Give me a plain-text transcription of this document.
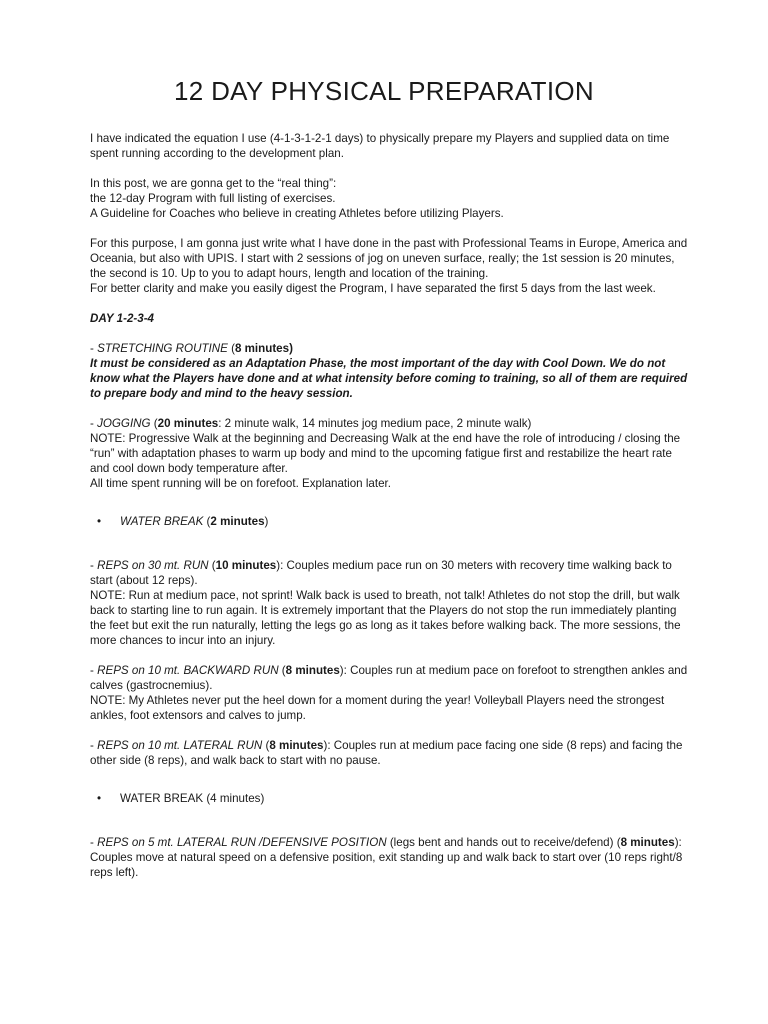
12 DAY PHYSICAL PREPARATION

I have indicated the equation I use (4-1-3-1-2-1 days) to physically prepare my Players and supplied data on time spent running according to the development plan.

In this post, we are gonna get to the “real thing”:

the 12-day Program with full listing of exercises.

A Guideline for Coaches who believe in creating Athletes before utilizing Players.

For this purpose, I am gonna just write what I have done in the past with Professional Teams in Europe, America and Oceania, but also with UPIS. I start with 2 sessions of jog on uneven surface, really; the 1st session is 20 minutes, the second is 10. Up to you to adapt hours, length and location of the training.

For better clarity and make you easily digest the Program, I have separated the first 5 days from the last week.

DAY 1-2-3-4

- STRETCHING ROUTINE (8 minutes)

It must be considered as an Adaptation Phase, the most important of the day with Cool Down. We do not know what the Players have done and at what intensity before coming to training, so all of them are required to prepare body and mind to the heavy session.

- JOGGING (20 minutes: 2 minute walk, 14 minutes jog medium pace, 2 minute walk)

NOTE: Progressive Walk at the beginning and Decreasing Walk at the end have the role of introducing / closing the “run” with adaptation phases to warm up body and mind to the upcoming fatigue first and restabilize the heart rate and cool down body temperature after.

All time spent running will be on forefoot. Explanation later.

• WATER BREAK (2 minutes)

- REPS on 30 mt. RUN (10 minutes): Couples medium pace run on 30 meters with recovery time walking back to start (about 12 reps).

NOTE: Run at medium pace, not sprint! Walk back is used to breath, not talk! Athletes do not stop the drill, but walk back to starting line to run again. It is extremely important that the Players do not stop the run immediately planting the feet but exit the run naturally, letting the legs go as long as it takes before walking back. The more sessions, the more chances to incur into an injury.

- REPS on 10 mt. BACKWARD RUN (8 minutes): Couples run at medium pace on forefoot to strengthen ankles and calves (gastrocnemius).

NOTE: My Athletes never put the heel down for a moment during the year! Volleyball Players need the strongest ankles, foot extensors and calves to jump.

- REPS on 10 mt. LATERAL RUN (8 minutes): Couples run at medium pace facing one side (8 reps) and facing the other side (8 reps), and walk back to start with no pause.

• WATER BREAK (4 minutes)

- REPS on 5 mt. LATERAL RUN /DEFENSIVE POSITION (legs bent and hands out to receive/defend) (8 minutes): Couples move at natural speed on a defensive position, exit standing up and walk back to start over (10 reps right/8 reps left).
